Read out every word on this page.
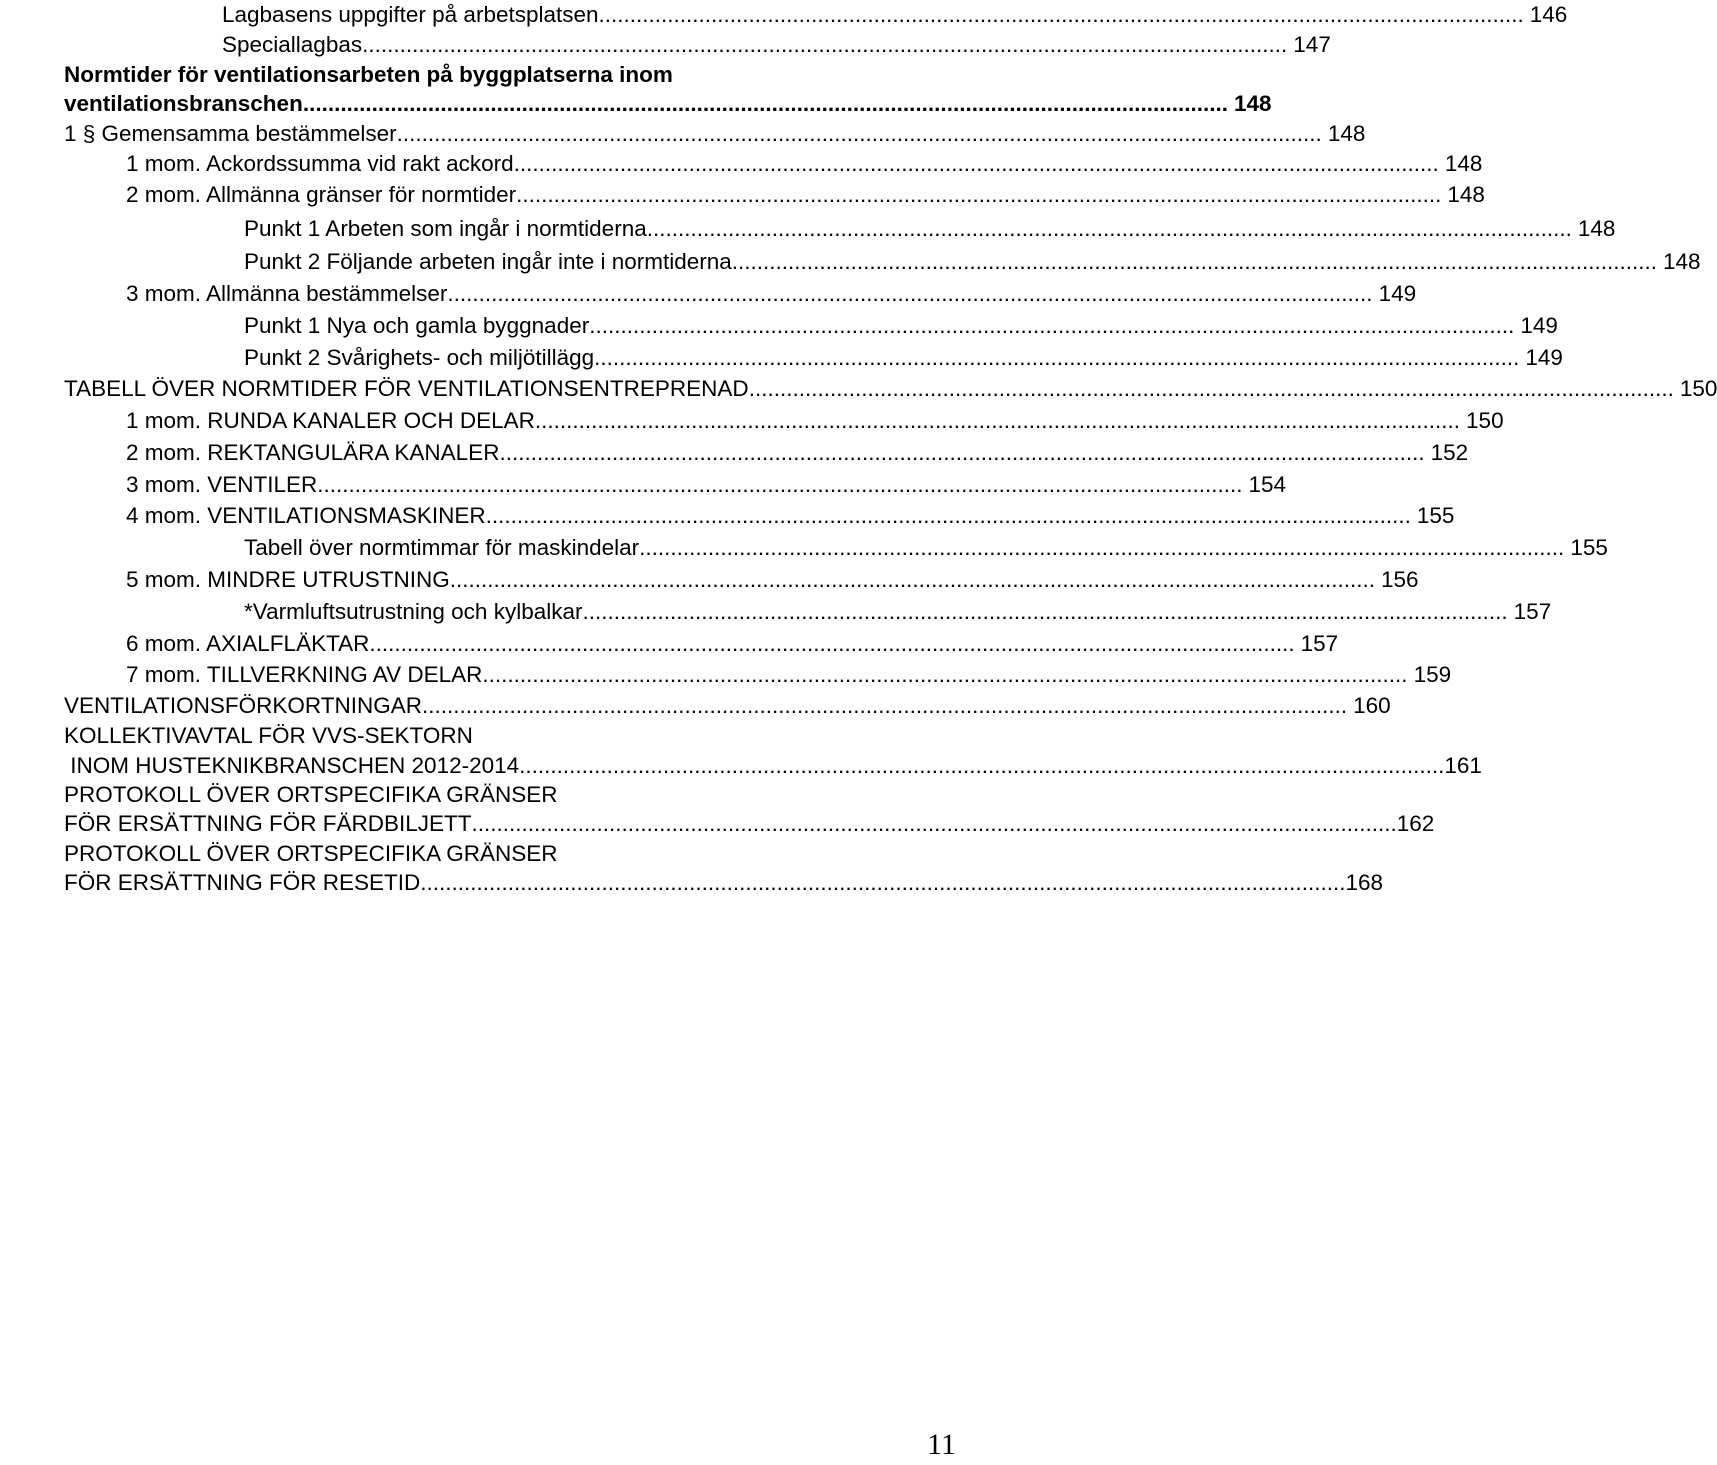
Lagbasens uppgifter på arbetsplatsen .................................................................................................................................................... 146
Speciallagbas .................................................................................................................................................... 147
Normtider för ventilationsarbeten på byggplatserna inom
ventilationsbranschen .................................................................................................................................................... 148
1 § Gemensamma bestämmelser .................................................................................................................................................... 148
1 mom. Ackordssumma vid rakt ackord .................................................................................................................................................... 148
2 mom. Allmänna gränser för normtider .................................................................................................................................................... 148
Punkt 1 Arbeten som ingår i normtiderna .................................................................................................................................................... 148
Punkt 2 Följande arbeten ingår inte i normtiderna .................................................................................................................................................... 148
3 mom. Allmänna bestämmelser .................................................................................................................................................... 149
Punkt 1 Nya och gamla byggnader .................................................................................................................................................... 149
Punkt 2 Svårighets- och miljötillägg .................................................................................................................................................... 149
TABELL ÖVER NORMTIDER FÖR VENTILATIONSENTREPRENAD .................................................................................................................................................... 150
1 mom. RUNDA KANALER OCH DELAR .................................................................................................................................................... 150
2 mom. REKTANGULÄRA KANALER .................................................................................................................................................... 152
3 mom. VENTILER .................................................................................................................................................... 154
4 mom. VENTILATIONSMASKINER .................................................................................................................................................... 155
Tabell över normtimmar för maskindelar .................................................................................................................................................... 155
5 mom. MINDRE UTRUSTNING .................................................................................................................................................... 156
*Varmluftsutrustning och kylbalkar .................................................................................................................................................... 157
6 mom. AXIALFLÄKTAR .................................................................................................................................................... 157
7 mom. TILLVERKNING AV DELAR .................................................................................................................................................... 159
VENTILATIONSFÖRKORTNINGAR .................................................................................................................................................... 160
KOLLEKTIVAVTAL FÖR VVS-SEKTORN
INOM HUSTEKNIKBRANSCHEN 2012-2014 .................................................................................................................................................... 161
PROTOKOLL ÖVER ORTSPECIFIKA GRÄNSER
FÖR ERSÄTTNING FÖR FÄRDBILJETT .................................................................................................................................................... 162
PROTOKOLL ÖVER ORTSPECIFIKA GRÄNSER
FÖR ERSÄTTNING FÖR RESETID .................................................................................................................................................... 168
11
